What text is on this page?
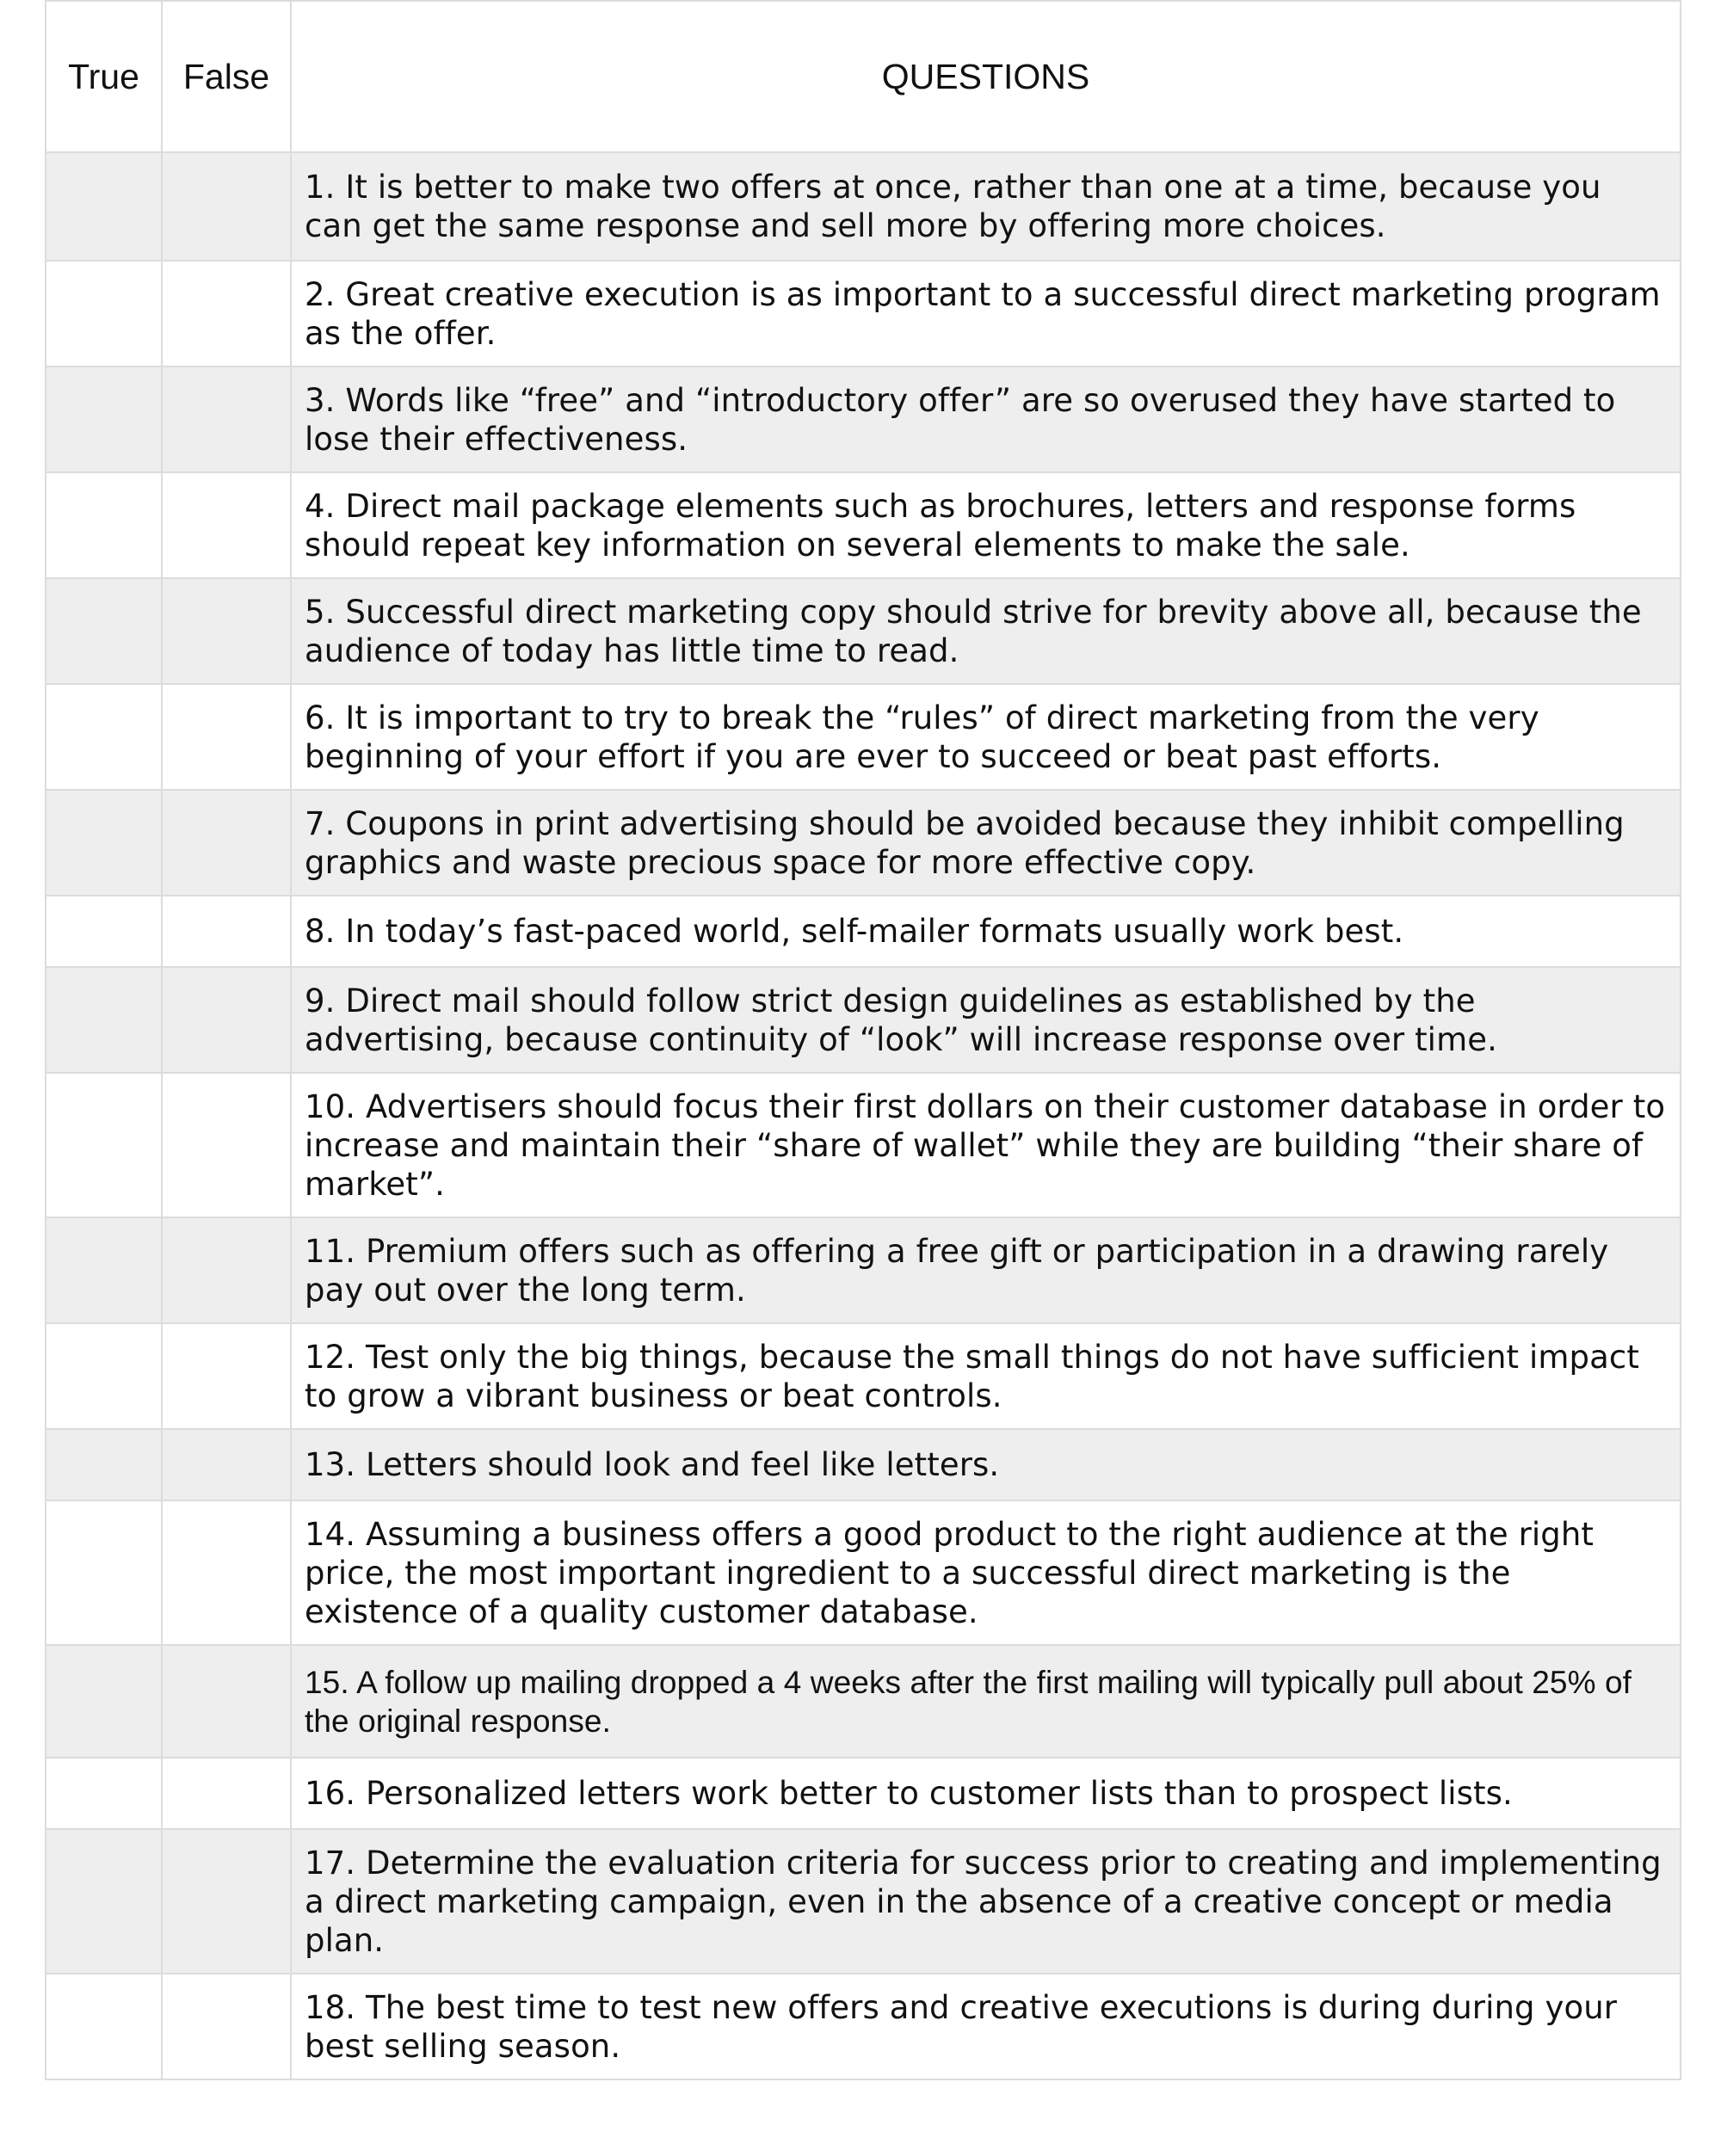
True	False	QUESTIONS
		1. It is better to make two offers at once, rather than one at a time, because you can get the same response and sell more by offering more choices.
		2. Great creative execution is as important to a successful direct marketing program as the offer.
		3. Words like “free” and “introductory offer” are so overused they have started to lose their effectiveness.
		4. Direct mail package elements such as brochures, letters and response forms should repeat key information on several elements to make the sale.
		5. Successful direct marketing copy should strive for brevity above all, because the audience of today has little time to read.
		6. It is important to try to break the “rules” of direct marketing from the very beginning of your effort if you are ever to succeed or beat past efforts.
		7. Coupons in print advertising should be avoided because they inhibit compelling graphics and waste precious space for more effective copy.
		8. In today’s fast-paced world, self-mailer formats usually work best.
		9. Direct mail should follow strict design guidelines as established by the advertising, because continuity of “look” will increase response over time.
		10. Advertisers should focus their first dollars on their customer database in order to increase and maintain their “share of wallet” while they are building “their share of market”.
		11. Premium offers such as offering a free gift or participation in a drawing rarely pay out over the long term.
		12. Test only the big things, because the small things do not have sufficient impact to grow a vibrant business or beat controls.
		13. Letters should look and feel like letters.
		14. Assuming a business offers a good product to the right audience at the right price, the most important ingredient to a successful direct marketing is the existence of a quality customer database.
		15. A follow up mailing dropped a 4 weeks after the first mailing will typically pull about 25% of the original response.
		16. Personalized letters work better to customer lists than to prospect lists.
		17. Determine the evaluation criteria for success prior to creating and implementing a direct marketing campaign, even in the absence of a creative concept or media plan.
		18. The best time to test new offers and creative executions is during during your best selling season.
